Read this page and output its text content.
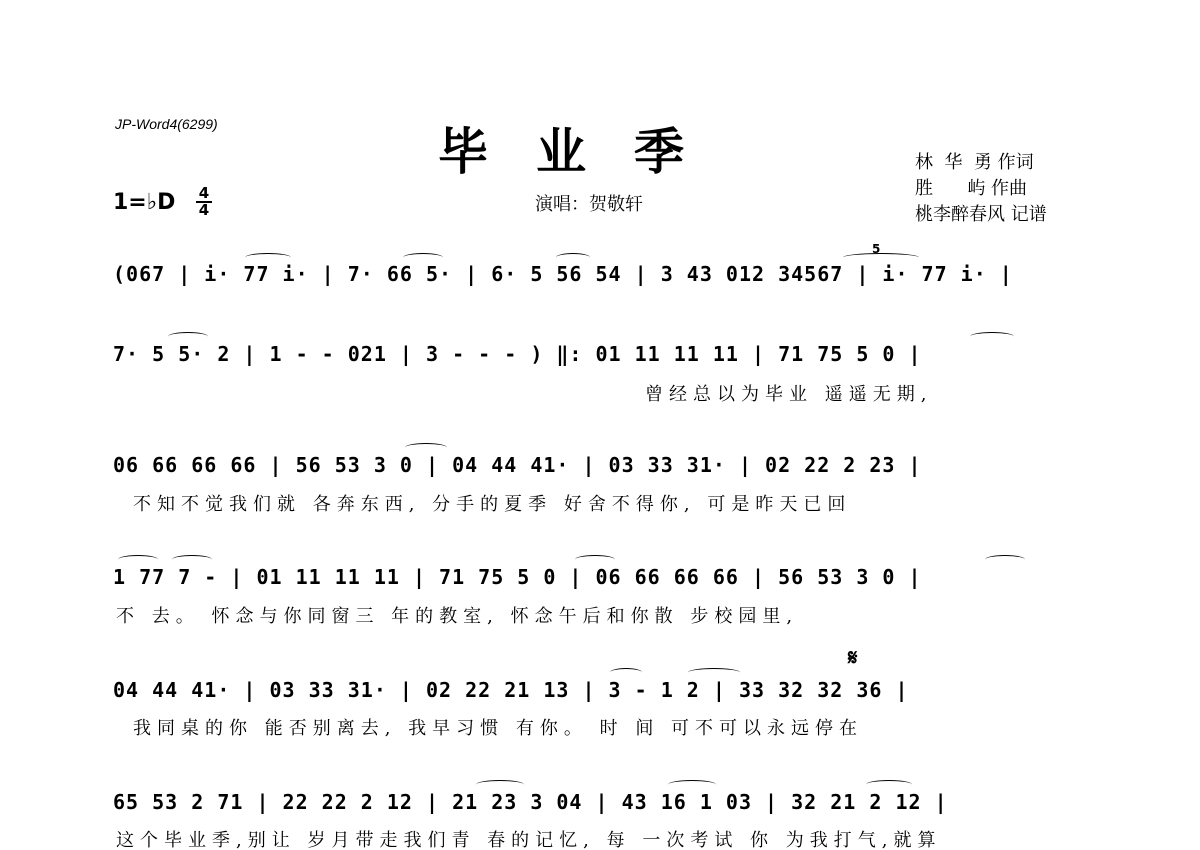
JP-Word4(6299)	毕业季	林  华  勇 作词
胜      屿 作曲
桃李醉春风 记谱
演唱：贺敬轩
1=♭D 4
4
(067 | i· 77 i· | 7· 66 5· | 6· 5 56 54 | 3 43 012 34567 | i· 77 i· |
5
7· 5 5· 2 | 1 - - 021 | 3 - - - ) ‖: 01 11 11 11 | 71 75 5 0 |
曾经总以为毕业 遥遥无期,
06 66 66 66 | 56 53 3 0 | 04 44 41· | 03 33 31· | 02 22 2 23 |
不知不觉我们就 各奔东西, 分手的夏季 好舍不得你, 可是昨天已回
1 77 7 - | 01 11 11 11 | 71 75 5 0 | 06 66 66 66 | 56 53 3 0 |
不 去。 怀念与你同窗三 年的教室, 怀念午后和你散 步校园里,
𝄋
04 44 41· | 03 33 31· | 02 22 21 13 | 3 - 1 2 | 33 32 32 36 |
我同桌的你 能否别离去, 我早习惯 有你。 时 间 可不可以永远停在
65 53 2 71 | 22 22 2 12 | 21 23 3 04 | 43 16 1 03 | 32 21 2 12 |
这个毕业季,别让 岁月带走我们青 春的记忆, 每 一次考试 你 为我打气,就算
